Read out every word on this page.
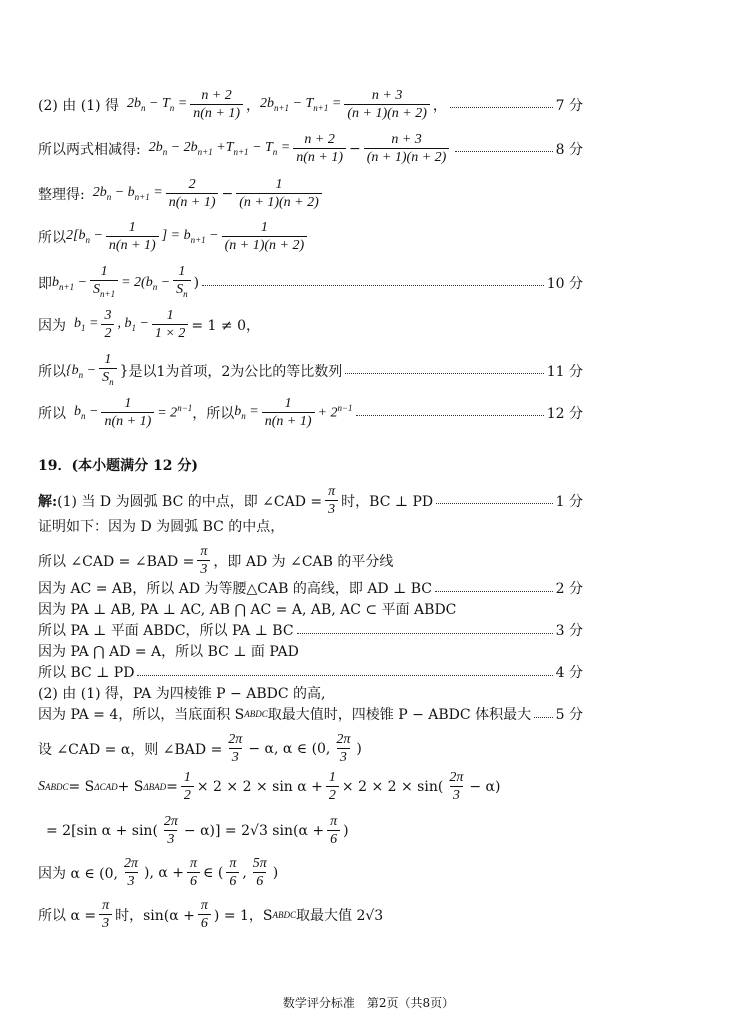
(2) 由 (1) 得 $2b_n - T_n = \frac{n + 2}{n(n + 1)}$ ， $2b_{n+1} - T_{n+1} = \frac{n + 3}{(n + 1)(n + 2)}$ ，	7 分
所以两式相减得: $2b_n - 2b_{n+1} +T_{n+1} - T_n = \frac{n + 2}{n(n + 1)} - \frac{n + 3}{(n + 1)(n + 2)}$	8 分
整理得: $2b_n - b_{n+1} = \frac{2}{n(n + 1)} - \frac{1}{(n + 1)(n + 2)}$
所以 $2[b_n - \frac{1}{n(n + 1)}$ ] = $b_{n+1} - \frac{1}{(n + 1)(n + 2)}$
即 $b_{n+1} - \frac{1}{S_{n+1}} = 2(b_n - \frac{1}{S_n}$ )	10 分
因为 $b_1 = \frac{3}{2}$ , $b_1 - \frac{1}{1 \times 2} = 1 \ne 0$，
所以 {$b_n - \frac{1}{S_n}$ } 是以1为首项，2为公比的等比数列	11 分
所以 $b_n - \frac{1}{n(n + 1)} = 2^{n-1}$ ，所以 $b_n = \frac{1}{n(n + 1)} + 2^{n-1}$	12 分
19．(本小题满分 12 分)
解: (1) 当 D 为圆弧 BC 的中点，即 ∠CAD = $\frac{\pi}{3}$ 时，BC ⊥ PD	1 分
证明如下：因为 D 为圆弧 BC 的中点，
所以 ∠CAD = ∠BAD = $\frac{\pi}{3}$ ，即 AD 为 ∠CAB 的平分线
因为 AC = AB，所以 AD 为等腰△CAB 的高线，即 AD ⊥ BC	2 分
因为 PA ⊥ AB, PA ⊥ AC, AB ⋂ AC = A, AB, AC ⊂ 平面 ABDC
所以 PA ⊥ 平面 ABDC，所以 PA ⊥ BC	3 分
因为 PA ⋂ AD = A，所以 BC ⊥ 面 PAD
所以 BC ⊥ PD	4 分
(2) 由 (1) 得，PA 为四棱锥 P − ABDC 的高,
因为 PA = 4，所以，当底面积 S ABDC 取最大值时，四棱锥 P − ABDC 体积最大 5 分
设 ∠CAD = α，则 ∠BAD = $\frac{2\pi}{3} - \alpha$, α ∈ (0, $\frac{2\pi}{3}$ )
S ABDC = S ΔCAD + S $\Delta BAD = \frac{1}{2} \times 2 \times 2 \times \sin \alpha + \frac{1}{2} \times 2 \times 2 \times \sin( \frac{2\pi}{3} - \alpha)$
= 2[sin $\alpha + \sin( \frac{2\pi}{3} - \alpha)] = 2√3$ $\sin(\alpha + \frac{\pi}{6}$ )
因为 α ∈ (0, $\frac{2\pi}{3}$ ), $\alpha + \frac{\pi}{6}$ ∈ ( $\frac{\pi}{6}$ , $\frac{5\pi}{6}$ )
所以 $\alpha = \frac{\pi}{3}$ 时，$\sin(\alpha + \frac{\pi}{6}$ ) = 1，S ABDC 取最大值 2√3
数学评分标准　第2页（共8页）
